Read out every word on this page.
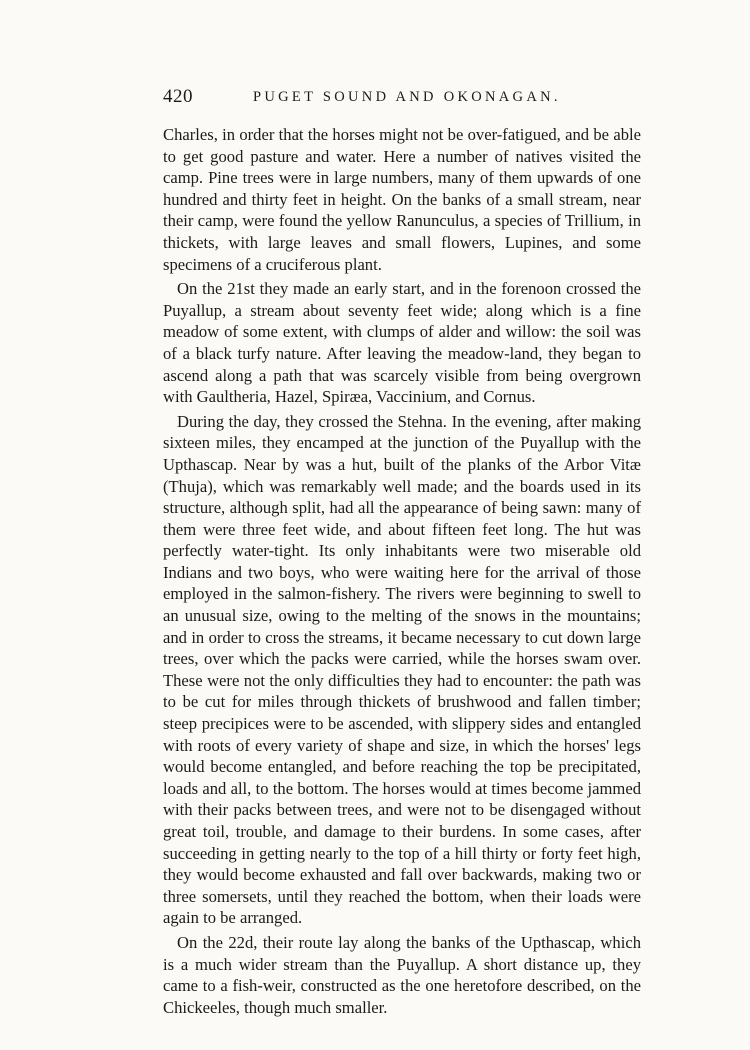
420	PUGET SOUND AND OKONAGAN.

Charles, in order that the horses might not be over-fatigued, and be able to get good pasture and water. Here a number of natives visited the camp. Pine trees were in large numbers, many of them upwards of one hundred and thirty feet in height. On the banks of a small stream, near their camp, were found the yellow Ranunculus, a species of Trillium, in thickets, with large leaves and small flowers, Lupines, and some specimens of a cruciferous plant.

On the 21st they made an early start, and in the forenoon crossed the Puyallup, a stream about seventy feet wide; along which is a fine meadow of some extent, with clumps of alder and willow: the soil was of a black turfy nature. After leaving the meadow-land, they began to ascend along a path that was scarcely visible from being overgrown with Gaultheria, Hazel, Spiræa, Vaccinium, and Cornus.

During the day, they crossed the Stehna. In the evening, after making sixteen miles, they encamped at the junction of the Puyallup with the Upthascap. Near by was a hut, built of the planks of the Arbor Vitæ (Thuja), which was remarkably well made; and the boards used in its structure, although split, had all the appearance of being sawn: many of them were three feet wide, and about fifteen feet long. The hut was perfectly water-tight. Its only inhabitants were two miserable old Indians and two boys, who were waiting here for the arrival of those employed in the salmon-fishery. The rivers were beginning to swell to an unusual size, owing to the melting of the snows in the mountains; and in order to cross the streams, it became necessary to cut down large trees, over which the packs were carried, while the horses swam over. These were not the only difficulties they had to encounter: the path was to be cut for miles through thickets of brushwood and fallen timber; steep precipices were to be ascended, with slippery sides and entangled with roots of every variety of shape and size, in which the horses' legs would become entangled, and before reaching the top be precipitated, loads and all, to the bottom. The horses would at times become jammed with their packs between trees, and were not to be disengaged without great toil, trouble, and damage to their burdens. In some cases, after succeeding in getting nearly to the top of a hill thirty or forty feet high, they would become exhausted and fall over backwards, making two or three somersets, until they reached the bottom, when their loads were again to be arranged.

On the 22d, their route lay along the banks of the Upthascap, which is a much wider stream than the Puyallup. A short distance up, they came to a fish-weir, constructed as the one heretofore described, on the Chickeeles, though much smaller.
